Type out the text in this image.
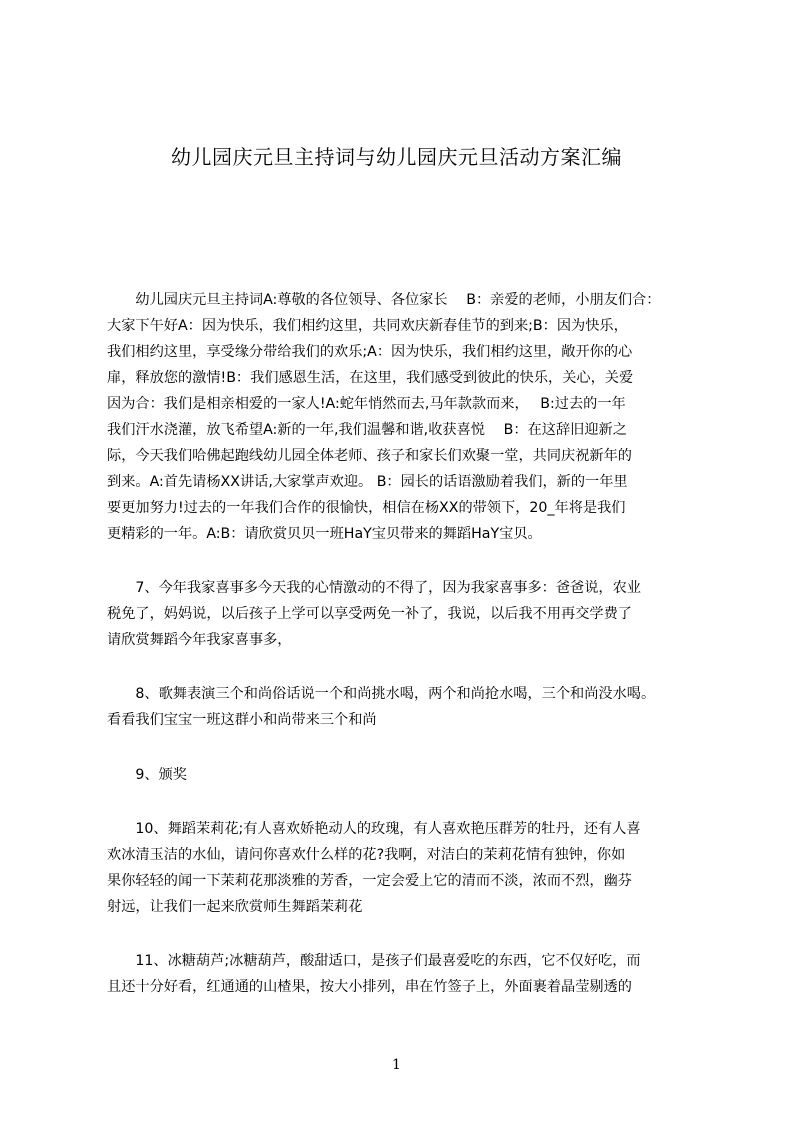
幼儿园庆元旦主持词与幼儿园庆元旦活动方案汇编
　　幼儿园庆元旦主持词A:尊敬的各位领导、各位家长　 B：亲爱的老师，小朋友们合：
大家下午好A：因为快乐，我们相约这里，共同欢庆新春佳节的到来;B：因为快乐，
我们相约这里，享受缘分带给我们的欢乐;A：因为快乐，我们相约这里，敞开你的心
扉，释放您的激情!B：我们感恩生活，在这里，我们感受到彼此的快乐，关心，关爱
因为合：我们是相亲相爱的一家人!A:蛇年悄然而去,马年款款而来，　 B:过去的一年
我们汗水浇灌，放飞希望A:新的一年,我们温馨和谐,收获喜悦　 B：在这辞旧迎新之
际，今天我们哈佛起跑线幼儿园全体老师、孩子和家长们欢聚一堂，共同庆祝新年的
到来。A:首先请杨XX讲话,大家掌声欢迎。 B：园长的话语激励着我们，新的一年里
要更加努力!过去的一年我们合作的很愉快，相信在杨XX的带领下，20_年将是我们
更精彩的一年。A:B：请欣赏贝贝一班HaY宝贝带来的舞蹈HaY宝贝。
　　7、今年我家喜事多今天我的心情激动的不得了，因为我家喜事多：爸爸说，农业
税免了，妈妈说，以后孩子上学可以享受两免一补了，我说，以后我不用再交学费了
请欣赏舞蹈今年我家喜事多，
　　8、歌舞表演三个和尚俗话说一个和尚挑水喝，两个和尚抢水喝，三个和尚没水喝。
看看我们宝宝一班这群小和尚带来三个和尚
　　9、颁奖
　　10、舞蹈茉莉花;有人喜欢娇艳动人的玫瑰，有人喜欢艳压群芳的牡丹，还有人喜
欢冰清玉洁的水仙，请问你喜欢什么样的花?我啊，对洁白的茉莉花情有独钟，你如
果你轻轻的闻一下茉莉花那淡雅的芳香，一定会爱上它的清而不淡，浓而不烈，幽芬
射远，让我们一起来欣赏师生舞蹈茉莉花
　　11、冰糖葫芦;冰糖葫芦，酸甜适口，是孩子们最喜爱吃的东西，它不仅好吃，而
且还十分好看，红通通的山楂果，按大小排列，串在竹签子上，外面裹着晶莹剔透的
1
